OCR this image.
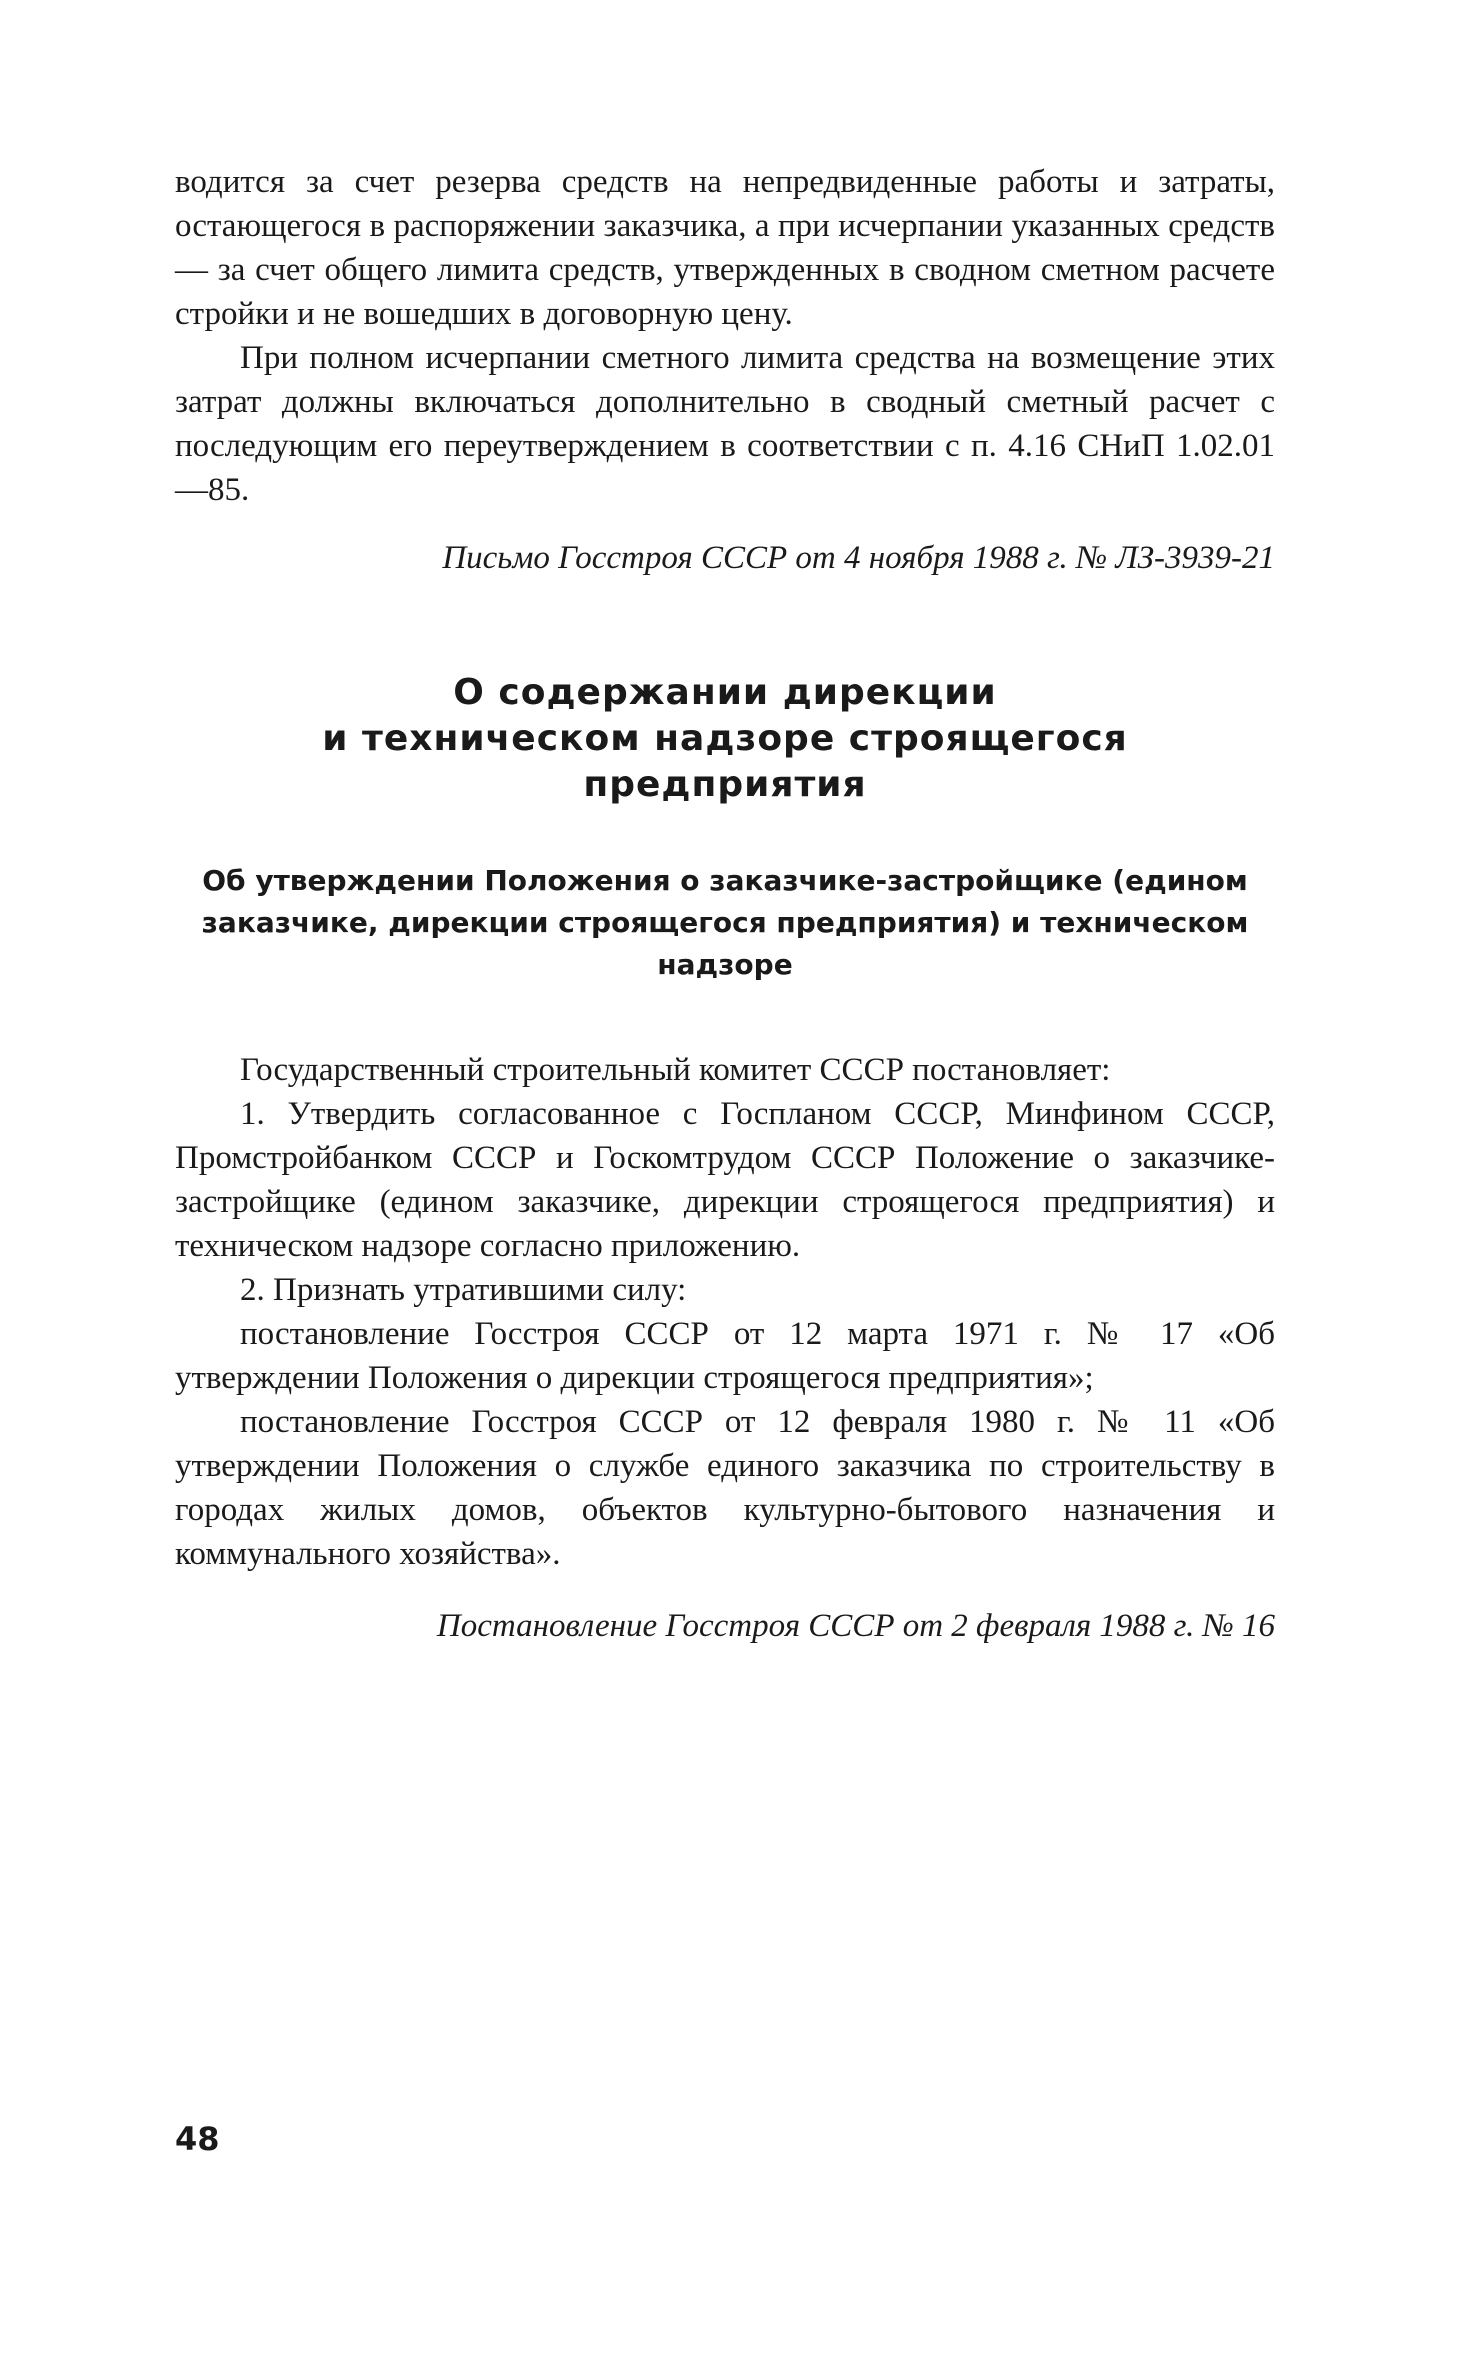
водится за счет резерва средств на непредвиденные работы и затраты, остающегося в распоряжении заказчика, а при исчерпании указанных средств — за счет общего лимита средств, утвержденных в сводном сметном расчете стройки и не вошедших в договорную цену.

При полном исчерпании сметного лимита средства на возмещение этих затрат должны включаться дополнительно в сводный сметный расчет с последующим его переутверждением в соответствии с п. 4.16 СНиП 1.02.01—85.

Письмо Госстроя СССР от 4 ноября 1988 г. № ЛЗ-3939-21

О содержании дирекции

и техническом надзоре строящегося предприятия

Об утверждении Положения о заказчике-застройщике (едином заказчике, дирекции строящегося предприятия) и техническом надзоре

Государственный строительный комитет СССР постановляет:

1. Утвердить согласованное с Госпланом СССР, Минфином СССР, Промстройбанком СССР и Госкомтрудом СССР Положение о заказчике-застройщике (едином заказчике, дирекции строящегося предприятия) и техническом надзоре согласно приложению.

2. Признать утратившими силу:

постановление Госстроя СССР от 12 марта 1971 г. № 17 «Об утверждении Положения о дирекции строящегося предприятия»;

постановление Госстроя СССР от 12 февраля 1980 г. № 11 «Об утверждении Положения о службе единого заказчика по строительству в городах жилых домов, объектов культурно-бытового назначения и коммунального хозяйства».

Постановление Госстроя СССР от 2 февраля 1988 г. № 16

48
